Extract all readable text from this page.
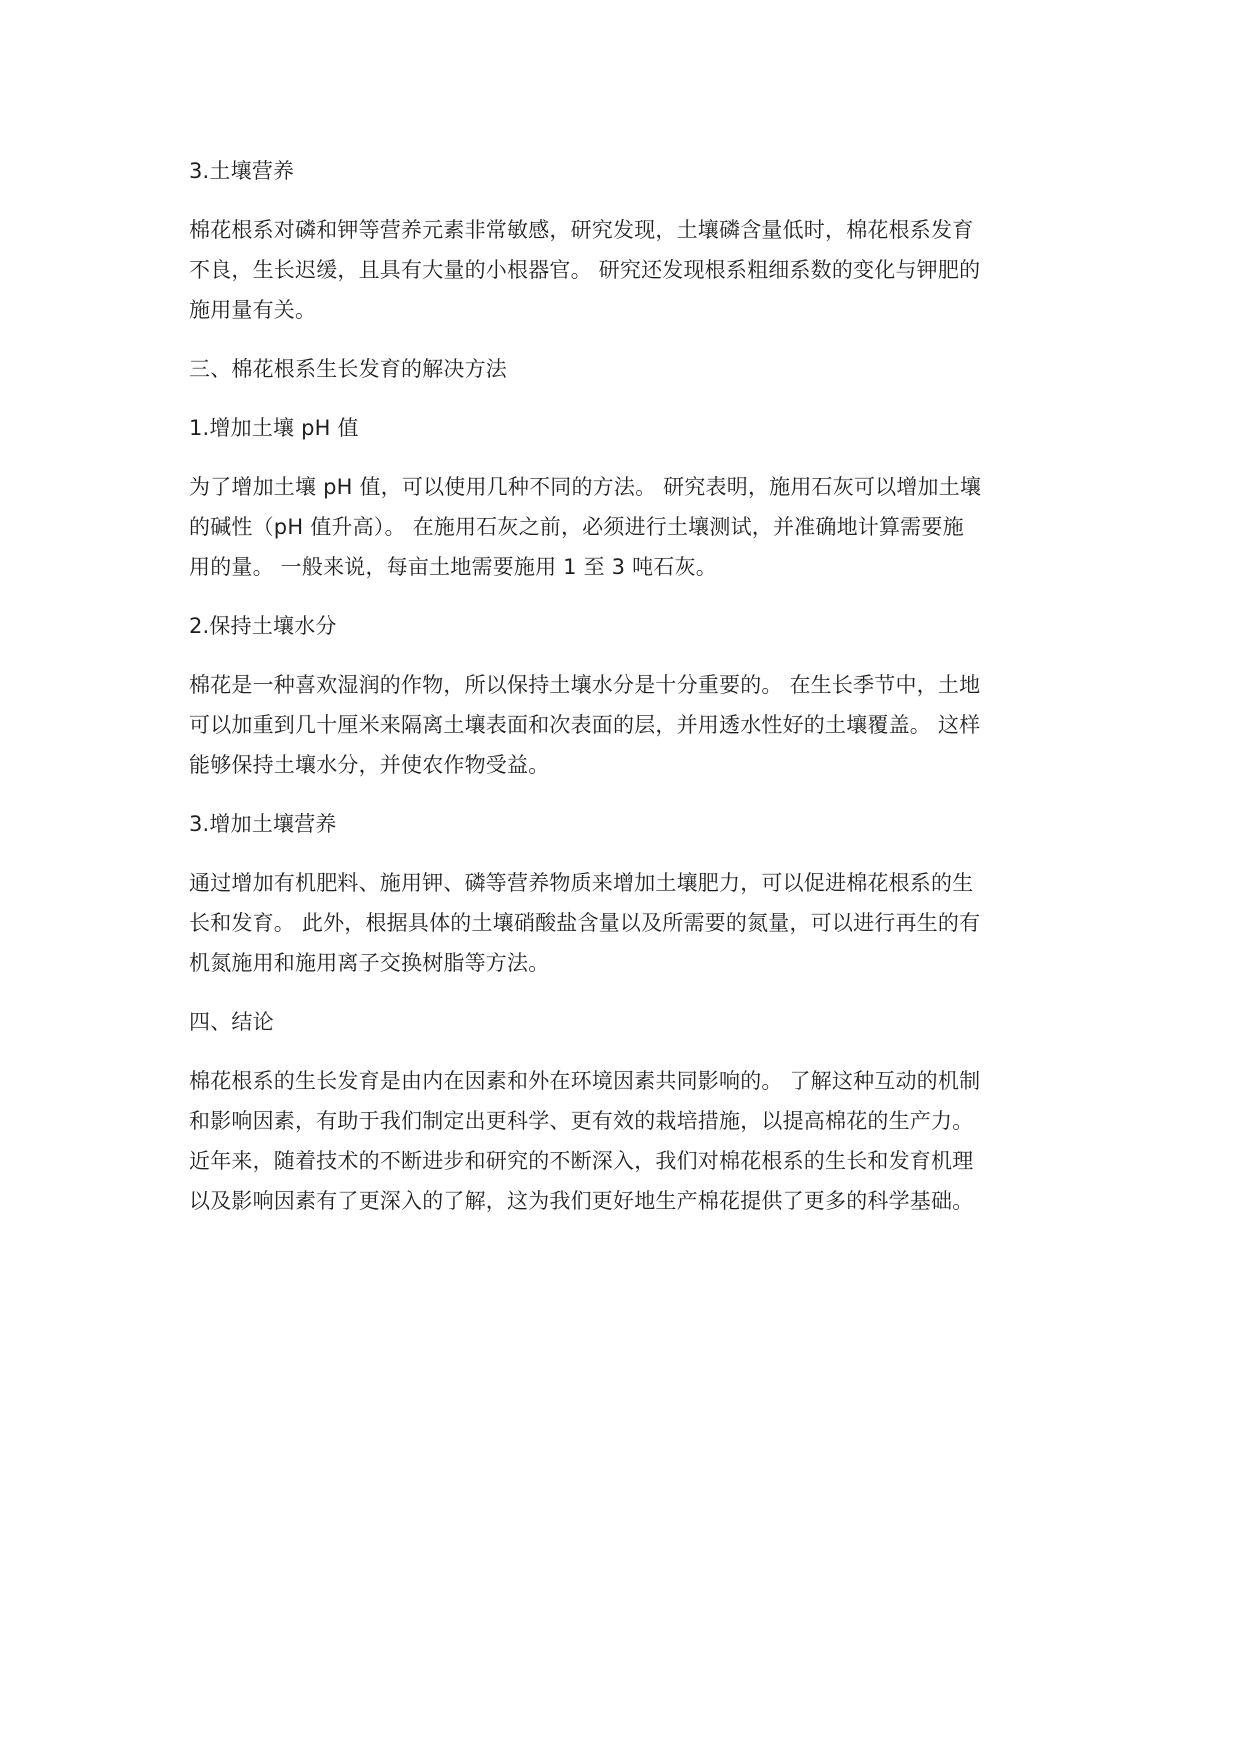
3.土壤营养
棉花根系对磷和钾等营养元素非常敏感，研究发现，土壤磷含量低时，棉花根系发育
不良，生长迟缓，且具有大量的小根器官。 研究还发现根系粗细系数的变化与钾肥的
施用量有关。
三、棉花根系生长发育的解决方法
1.增加土壤 pH 值
为了增加土壤 pH 值，可以使用几种不同的方法。 研究表明，施用石灰可以增加土壤
的碱性（pH 值升高）。 在施用石灰之前，必须进行土壤测试，并准确地计算需要施
用的量。 一般来说，每亩土地需要施用 1 至 3 吨石灰。
2.保持土壤水分
棉花是一种喜欢湿润的作物，所以保持土壤水分是十分重要的。 在生长季节中，土地
可以加重到几十厘米来隔离土壤表面和次表面的层，并用透水性好的土壤覆盖。 这样
能够保持土壤水分，并使农作物受益。
3.增加土壤营养
通过增加有机肥料、施用钾、磷等营养物质来增加土壤肥力，可以促进棉花根系的生
长和发育。 此外，根据具体的土壤硝酸盐含量以及所需要的氮量，可以进行再生的有
机氮施用和施用离子交换树脂等方法。
四、结论
棉花根系的生长发育是由内在因素和外在环境因素共同影响的。 了解这种互动的机制
和影响因素，有助于我们制定出更科学、更有效的栽培措施，以提高棉花的生产力。
近年来，随着技术的不断进步和研究的不断深入，我们对棉花根系的生长和发育机理
以及影响因素有了更深入的了解，这为我们更好地生产棉花提供了更多的科学基础。
